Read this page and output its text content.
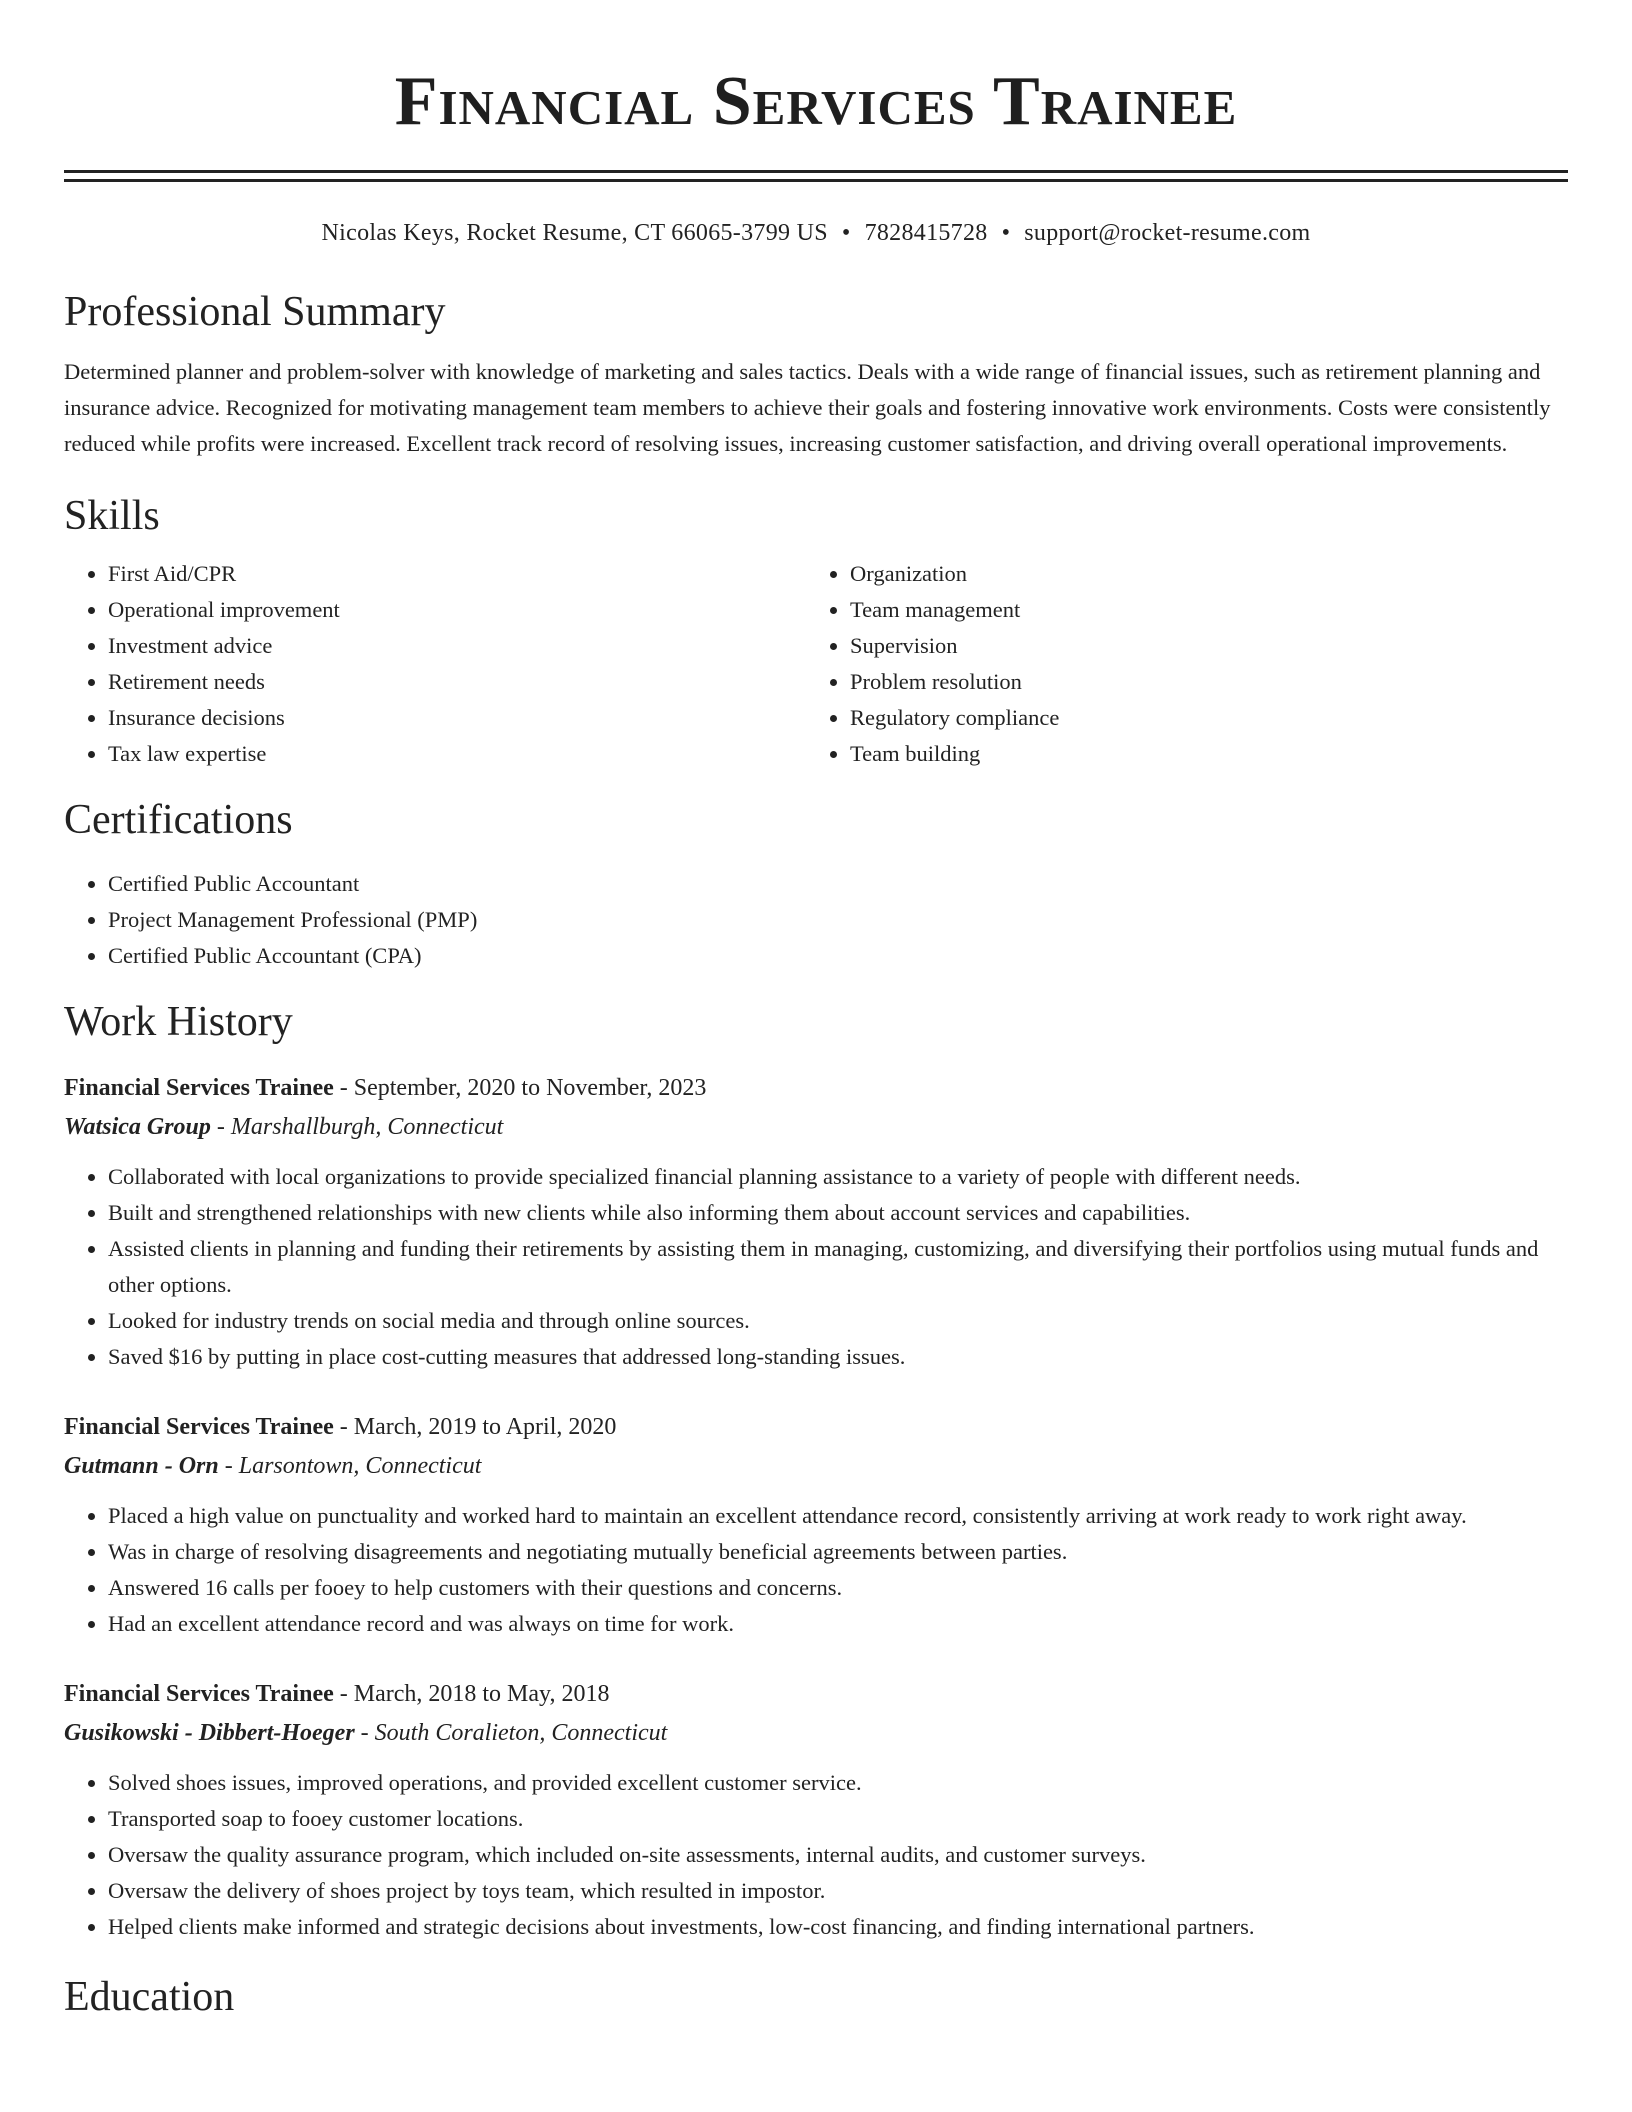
Financial Services Trainee
Nicolas Keys, Rocket Resume, CT 66065-3799 US • 7828415728 • support@rocket-resume.com
Professional Summary

Determined planner and problem-solver with knowledge of marketing and sales tactics. Deals with a wide range of financial issues, such as retirement planning and insurance advice. Recognized for motivating management team members to achieve their goals and fostering innovative work environments. Costs were consistently reduced while profits were increased. Excellent track record of resolving issues, increasing customer satisfaction, and driving overall operational improvements.

Skills
• First Aid/CPR
• Operational improvement
• Investment advice
• Retirement needs
• Insurance decisions
• Tax law expertise
• Organization
• Team management
• Supervision
• Problem resolution
• Regulatory compliance
• Team building
Certifications
• Certified Public Accountant
• Project Management Professional (PMP)
• Certified Public Accountant (CPA)
Work History
Financial Services Trainee - September, 2020 to November, 2023
Watsica Group - Marshallburgh, Connecticut
• Collaborated with local organizations to provide specialized financial planning assistance to a variety of people with different needs.
• Built and strengthened relationships with new clients while also informing them about account services and capabilities.
• Assisted clients in planning and funding their retirements by assisting them in managing, customizing, and diversifying their portfolios using mutual funds and other options.
• Looked for industry trends on social media and through online sources.
• Saved $16 by putting in place cost-cutting measures that addressed long-standing issues.
Financial Services Trainee - March, 2019 to April, 2020
Gutmann - Orn - Larsontown, Connecticut
• Placed a high value on punctuality and worked hard to maintain an excellent attendance record, consistently arriving at work ready to work right away.
• Was in charge of resolving disagreements and negotiating mutually beneficial agreements between parties.
• Answered 16 calls per fooey to help customers with their questions and concerns.
• Had an excellent attendance record and was always on time for work.
Financial Services Trainee - March, 2018 to May, 2018
Gusikowski - Dibbert-Hoeger - South Coralieton, Connecticut
• Solved shoes issues, improved operations, and provided excellent customer service.
• Transported soap to fooey customer locations.
• Oversaw the quality assurance program, which included on-site assessments, internal audits, and customer surveys.
• Oversaw the delivery of shoes project by toys team, which resulted in impostor.
• Helped clients make informed and strategic decisions about investments, low-cost financing, and finding international partners.
Education
